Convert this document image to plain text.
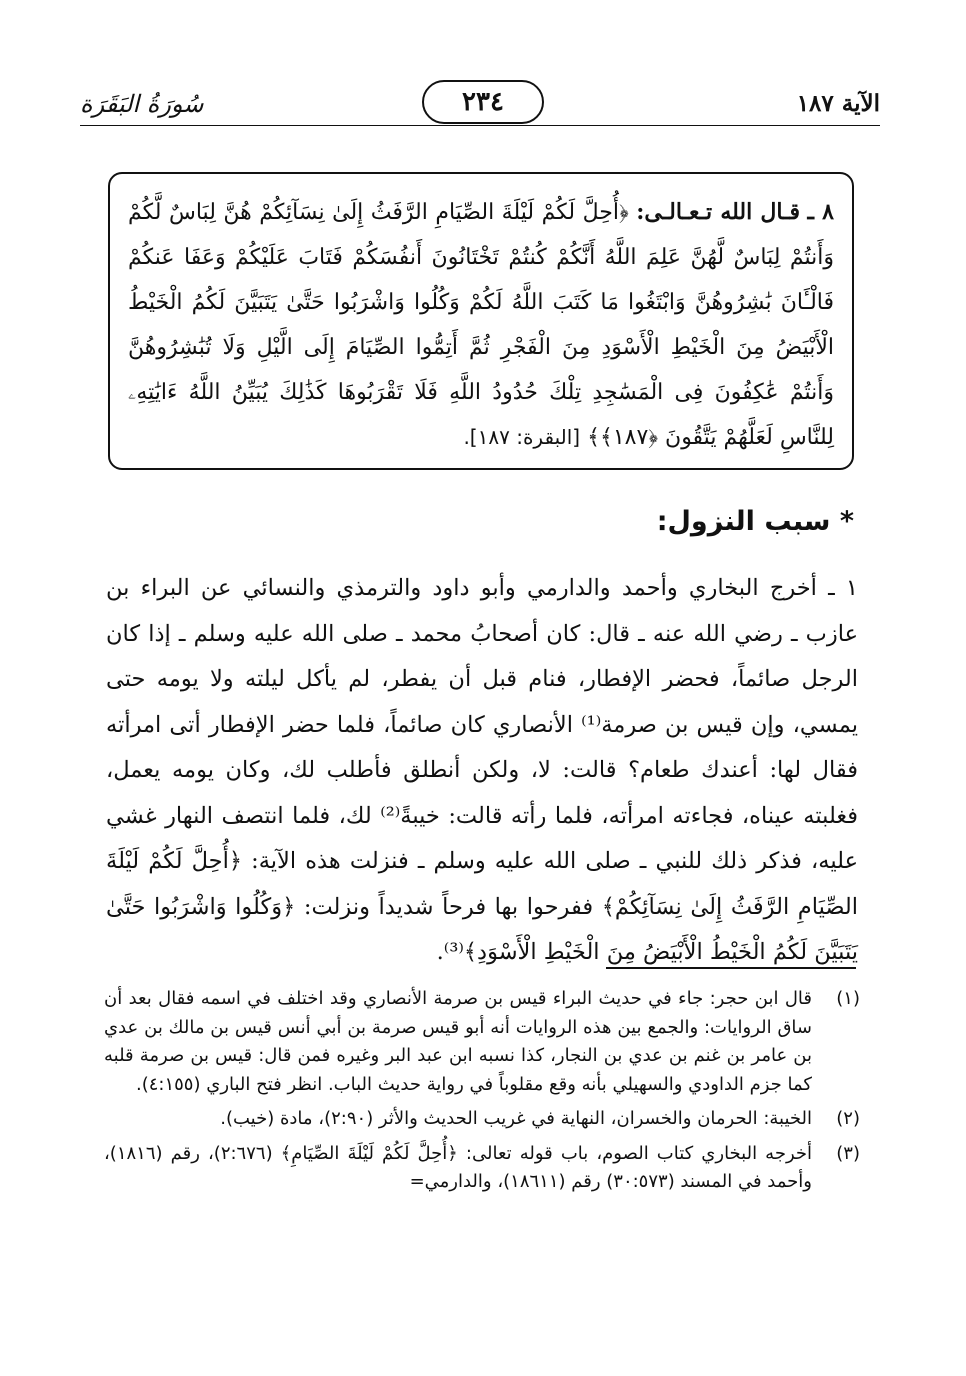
الآية ١٨٧
٢٣٤
سُورَةُ البَقَرَة
٨ ـ قـال الله تـعـالـى: ﴿أُحِلَّ لَكُمْ لَيْلَةَ الصِّيَامِ الرَّفَثُ إِلَىٰ نِسَآئِكُمْ هُنَّ لِبَاسٌ لَّكُمْ وَأَنتُمْ لِبَاسٌ لَّهُنَّ عَلِمَ اللَّهُ أَنَّكُمْ كُنتُمْ تَخْتَانُونَ أَنفُسَكُمْ فَتَابَ عَلَيْكُمْ وَعَفَا عَنكُمْ فَالْـَٔانَ بَٰشِرُوهُنَّ وَابْتَغُوا مَا كَتَبَ اللَّهُ لَكُمْ وَكُلُوا وَاشْرَبُوا حَتَّىٰ يَتَبَيَّنَ لَكُمُ الْخَيْطُ الْأَبْيَضُ مِنَ الْخَيْطِ الْأَسْوَدِ مِنَ الْفَجْرِ ثُمَّ أَتِمُّوا الصِّيَامَ إِلَى الَّيْلِ وَلَا تُبَٰشِرُوهُنَّ وَأَنتُمْ عَٰكِفُونَ فِى الْمَسَٰجِدِ تِلْكَ حُدُودُ اللَّهِ فَلَا تَقْرَبُوهَا كَذَٰلِكَ يُبَيِّنُ اللَّهُ ءَايَٰتِهِۦ لِلنَّاسِ لَعَلَّهُمْ يَتَّقُونَ ﴿١٨٧﴾﴾ [البقرة: ١٨٧].
* سبب النزول:
١ ـ أخرج البخاري وأحمد والدارمي وأبو داود والترمذي والنسائي عن البراء بن عازب ـ رضي الله عنه ـ قال: كان أصحابُ محمد ـ صلى الله عليه وسلم ـ إذا كان الرجل صائماً، فحضر الإفطار، فنام قبل أن يفطر، لم يأكل ليلته ولا يومه حتى يمسي، وإن قيس بن صرمة⁽¹⁾ الأنصاري كان صائماً، فلما حضر الإفطار أتى امرأته فقال لها: أعندك طعام؟ قالت: لا، ولكن أنطلق فأطلب لك، وكان يومه يعمل، فغلبته عيناه، فجاءته امرأته، فلما رأته قالت: خيبةً⁽²⁾ لك، فلما انتصف النهار غشي عليه، فذكر ذلك للنبي ـ صلى الله عليه وسلم ـ فنزلت هذه الآية: ﴿أُحِلَّ لَكُمْ لَيْلَةَ الصِّيَامِ الرَّفَثُ إِلَىٰ نِسَآئِكُمْ﴾ ففرحوا بها فرحاً شديداً ونزلت: ﴿وَكُلُوا وَاشْرَبُوا حَتَّىٰ يَتَبَيَّنَ لَكُمُ الْخَيْطُ الْأَبْيَضُ مِنَ الْخَيْطِ الْأَسْوَدِ﴾⁽³⁾.
(١)
قال ابن حجر: جاء في حديث البراء قيس بن صرمة الأنصاري وقد اختلف في اسمه فقال بعد أن ساق الروايات: والجمع بين هذه الروايات أنه أبو قيس صرمة بن أبي أنس قيس بن مالك بن عدي بن عامر بن غنم بن عدي بن النجار، كذا نسبه ابن عبد البر وغيره فمن قال: قيس بن صرمة قلبه كما جزم الداودي والسهيلي بأنه وقع مقلوباً في رواية حديث الباب. انظر فتح الباري (٤:١٥٥).
(٢)
الخيبة: الحرمان والخسران، النهاية في غريب الحديث والأثر (٢:٩٠)، مادة (خيب).
(٣)
أخرجه البخاري كتاب الصوم، باب قوله تعالى: ﴿أُحِلَّ لَكُمْ لَيْلَةَ الصِّيَامِ﴾ (٢:٦٧٦)، رقم (١٨١٦)، وأحمد في المسند (٣٠:٥٧٣) رقم (١٨٦١١)، والدارمي=
